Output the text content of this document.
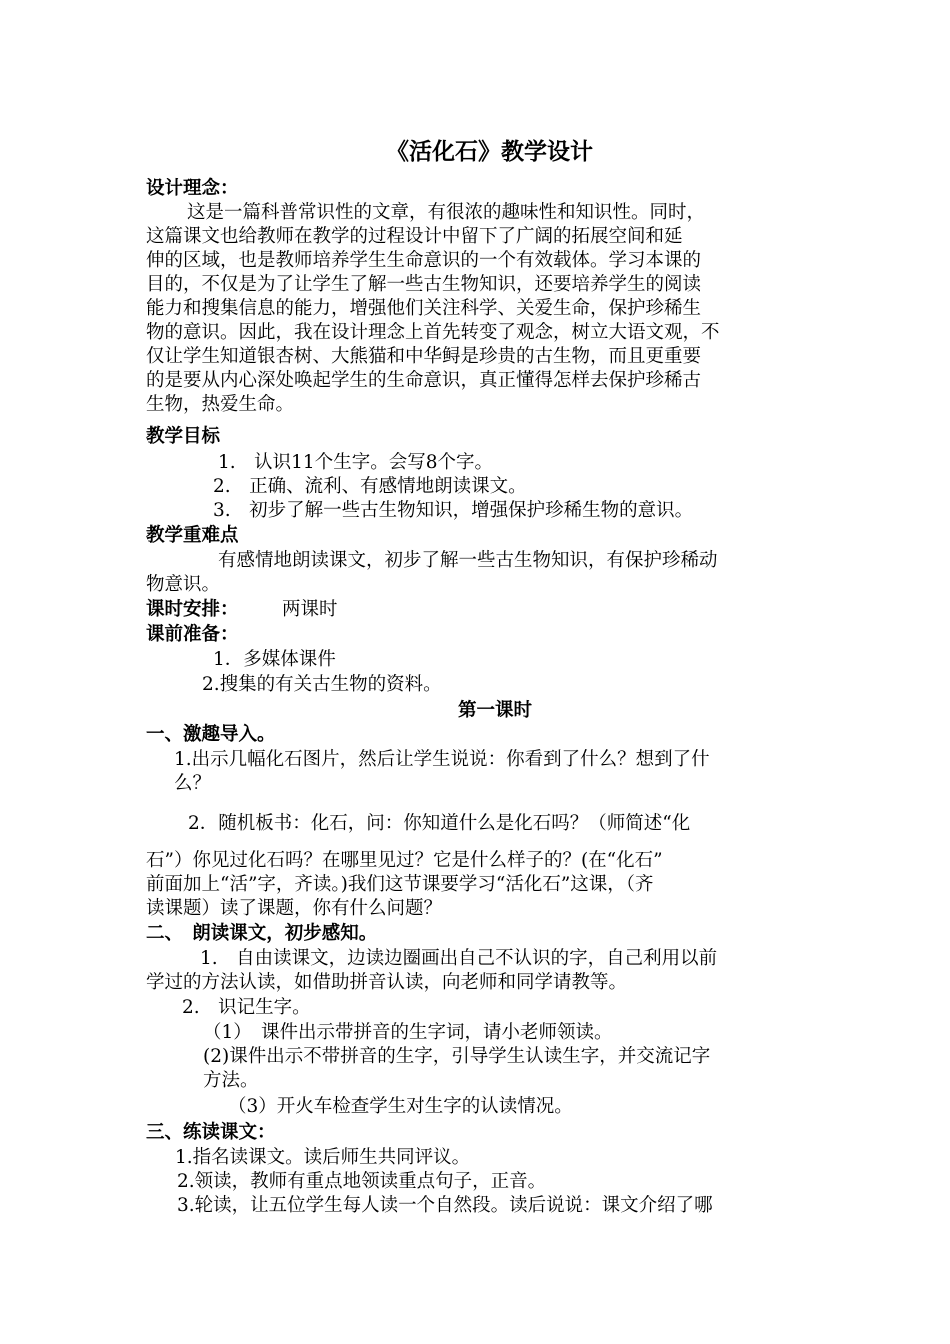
《活化石》教学设计
设计理念：
这是一篇科普常识性的文章，有很浓的趣味性和知识性。同时，
这篇课文也给教师在教学的过程设计中留下了广阔的拓展空间和延
伸的区域，也是教师培养学生生命意识的一个有效载体。学习本课的
目的，不仅是为了让学生了解一些古生物知识，还要培养学生的阅读
能力和搜集信息的能力，增强他们关注科学、关爱生命，保护珍稀生
物的意识。因此，我在设计理念上首先转变了观念，树立大语文观，不
仅让学生知道银杏树、大熊猫和中华鲟是珍贵的古生物，而且更重要
的是要从内心深处唤起学生的生命意识，真正懂得怎样去保护珍稀古
生物，热爱生命。
教学目标
1.　认识11个生字。会写8个字。
2.　正确、流利、有感情地朗读课文。
3.　初步了解一些古生物知识，增强保护珍稀生物的意识。
教学重难点
有感情地朗读课文，初步了解一些古生物知识，有保护珍稀动
物意识。
课时安排： 两课时
课前准备：
1．多媒体课件
2.搜集的有关古生物的资料。
第一课时
一、激趣导入。
1.出示几幅化石图片，然后让学生说说：你看到了什么？想到了什
么？
2．随机板书：化石，问：你知道什么是化石吗？（师简述“化
石”）你见过化石吗？在哪里见过？它是什么样子的？(在“化石”
前面加上“活”字，齐读。)我们这节课要学习“活化石”这课，（齐
读课题）读了课题，你有什么问题？
二、　朗读课文，初步感知。
1.　自由读课文，边读边圈画出自己不认识的字，自己利用以前
学过的方法认读，如借助拼音认读，向老师和同学请教等。
2.　识记生字。
（1）　课件出示带拼音的生字词，请小老师领读。
(2)课件出示不带拼音的生字，引导学生认读生字，并交流记字
方法。
（3）开火车检查学生对生字的认读情况。
三、练读课文：
1.指名读课文。读后师生共同评议。
2.领读，教师有重点地领读重点句子，正音。
3.轮读，让五位学生每人读一个自然段。读后说说：课文介绍了哪
